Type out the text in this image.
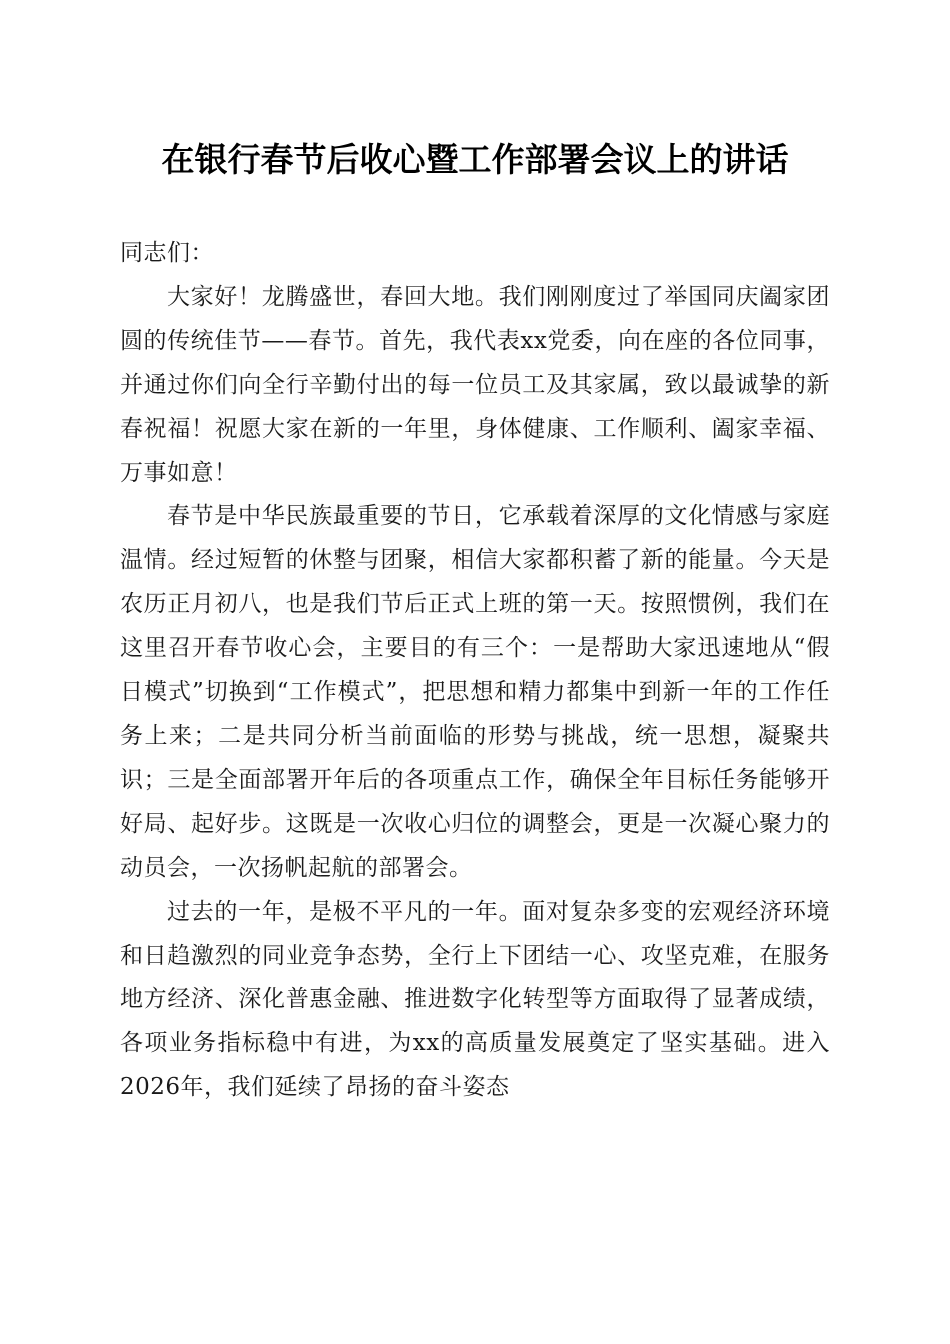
在银行春节后收心暨工作部署会议上的讲话

同志们：

大家好！龙腾盛世，春回大地。我们刚刚度过了举国同庆阖家团圆的传统佳节——春节。首先，我代表xx党委，向在座的各位同事，并通过你们向全行辛勤付出的每一位员工及其家属，致以最诚挚的新春祝福！祝愿大家在新的一年里，身体健康、工作顺利、阖家幸福、万事如意！

春节是中华民族最重要的节日，它承载着深厚的文化情感与家庭温情。经过短暂的休整与团聚，相信大家都积蓄了新的能量。今天是农历正月初八，也是我们节后正式上班的第一天。按照惯例，我们在这里召开春节收心会，主要目的有三个：一是帮助大家迅速地从“假日模式”切换到“工作模式”，把思想和精力都集中到新一年的工作任务上来；二是共同分析当前面临的形势与挑战，统一思想，凝聚共识；三是全面部署开年后的各项重点工作，确保全年目标任务能够开好局、起好步。这既是一次收心归位的调整会，更是一次凝心聚力的动员会，一次扬帆起航的部署会。

过去的一年，是极不平凡的一年。面对复杂多变的宏观经济环境和日趋激烈的同业竞争态势，全行上下团结一心、攻坚克难，在服务地方经济、深化普惠金融、推进数字化转型等方面取得了显著成绩，各项业务指标稳中有进，为xx的高质量发展奠定了坚实基础。进入2026年，我们延续了昂扬的奋斗姿态
